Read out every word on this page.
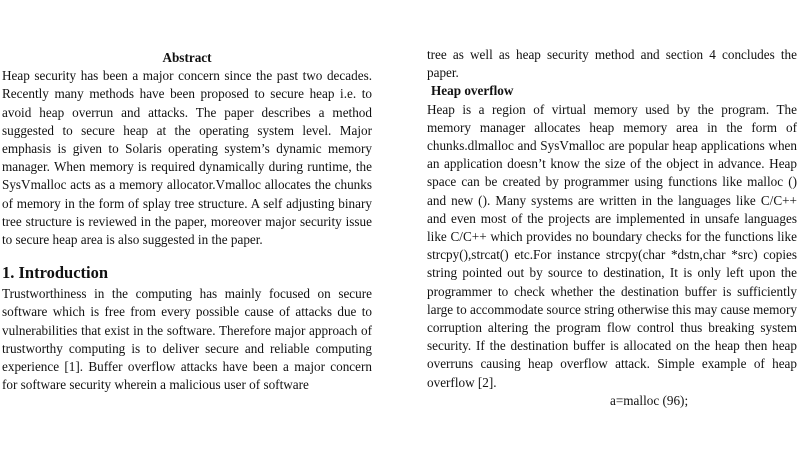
Abstract

Heap security has been a major concern since the past two decades. Recently many methods have been proposed to secure heap i.e. to avoid heap overrun and attacks. The paper describes a method suggested to secure heap at the operating system level. Major emphasis is given to Solaris operating system’s dynamic memory manager. When memory is required dynamically during runtime, the SysVmalloc acts as a memory allocator.Vmalloc allocates the chunks of memory in the form of splay tree structure. A self adjusting binary tree structure is reviewed in the paper, moreover major security issue to secure heap area is also suggested in the paper.

1. Introduction

Trustworthiness in the computing has mainly focused on secure software which is free from every possible cause of attacks due to vulnerabilities that exist in the software. Therefore major approach of trustworthy computing is to deliver secure and reliable computing experience [1]. Buffer overflow attacks have been a major concern for software security wherein a malicious user of software

tree as well as heap security method and section 4 concludes the paper.

Heap overflow

Heap is a region of virtual memory used by the program. The memory manager allocates heap memory area in the form of chunks.dlmalloc and SysVmalloc are popular heap applications when an application doesn’t know the size of the object in advance. Heap space can be created by programmer using functions like malloc () and new (). Many systems are written in the languages like C/C++ and even most of the projects are implemented in unsafe languages like C/C++ which provides no boundary checks for the functions like strcpy(),strcat() etc.For instance strcpy(char *dstn,char *src) copies string pointed out by source to destination, It is only left upon the programmer to check whether the destination buffer is sufficiently large to accommodate source string otherwise this may cause memory corruption altering the program flow control thus breaking system security. If the destination buffer is allocated on the heap then heap overruns causing heap overflow attack. Simple example of heap overflow [2].

a=malloc (96);
